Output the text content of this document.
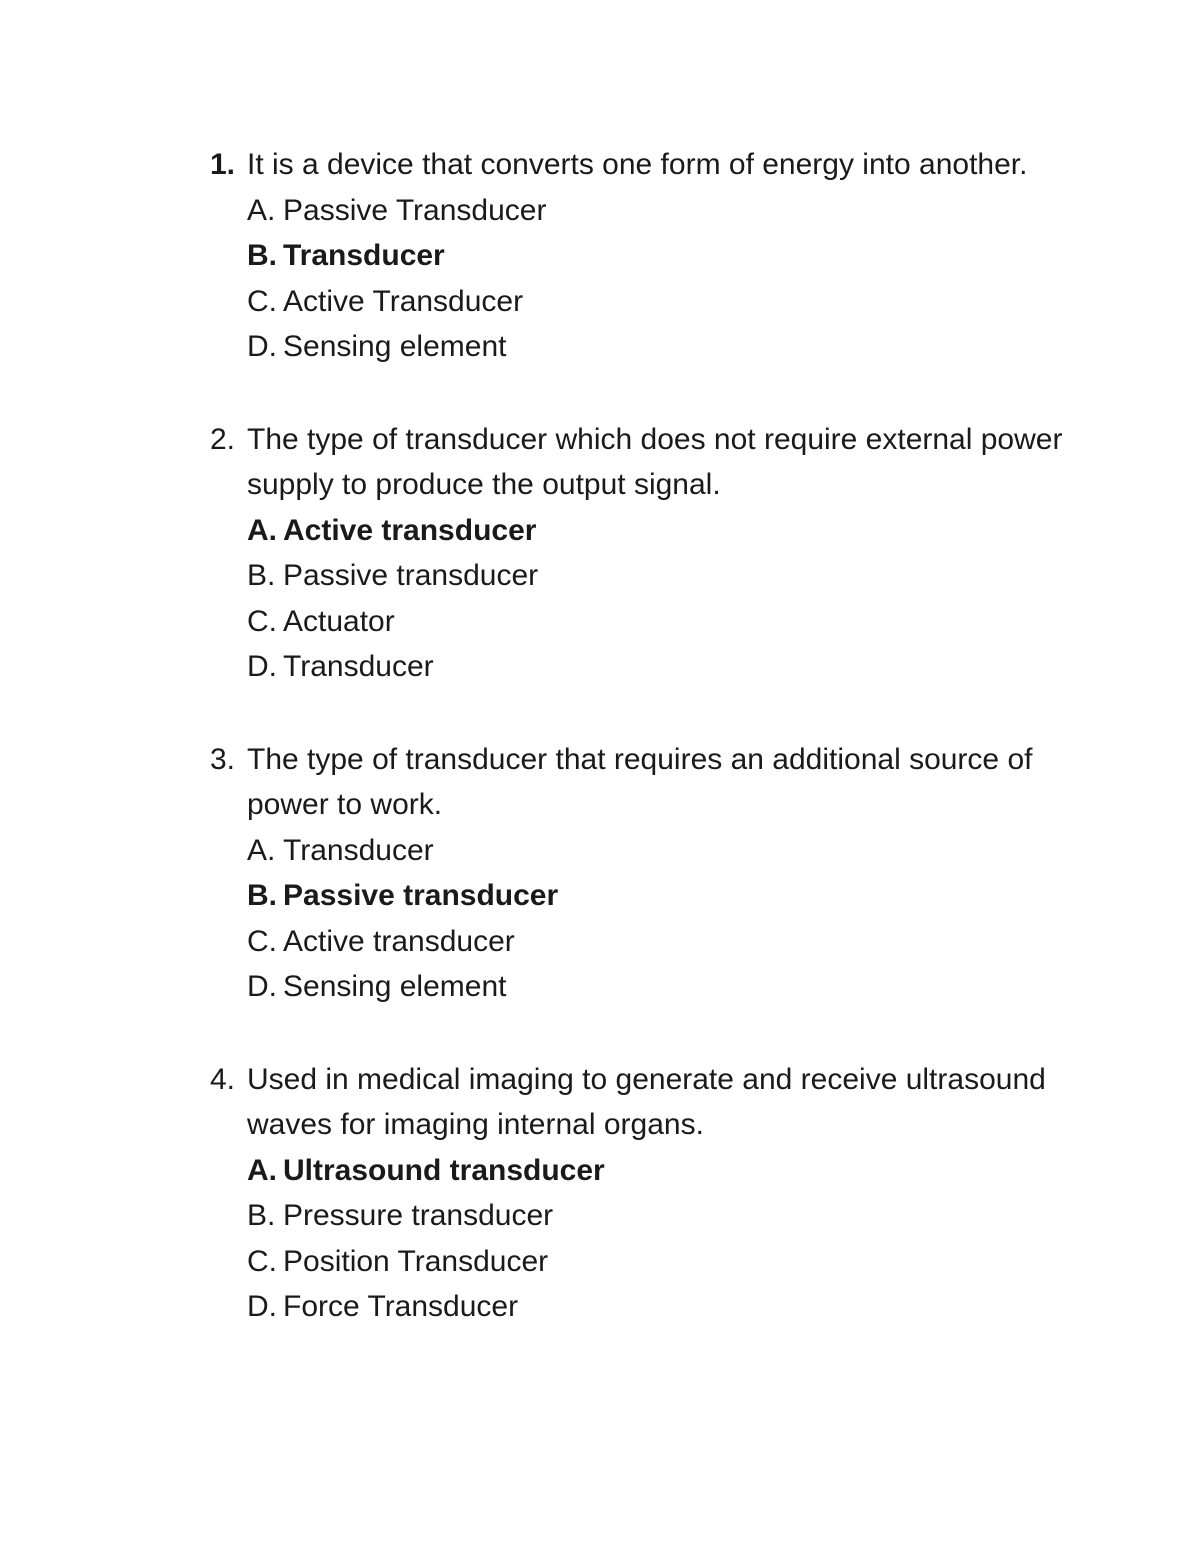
1. It is a device that converts one form of energy into another.
A. Passive Transducer
B. Transducer
C. Active Transducer
D. Sensing element
2. The type of transducer which does not require external power supply to produce the output signal.
A. Active transducer
B. Passive transducer
C. Actuator
D. Transducer
3. The type of transducer that requires an additional source of power to work.
A. Transducer
B. Passive transducer
C. Active transducer
D. Sensing element
4. Used in medical imaging to generate and receive ultrasound waves for imaging internal organs.
A. Ultrasound transducer
B. Pressure transducer
C. Position Transducer
D. Force Transducer
